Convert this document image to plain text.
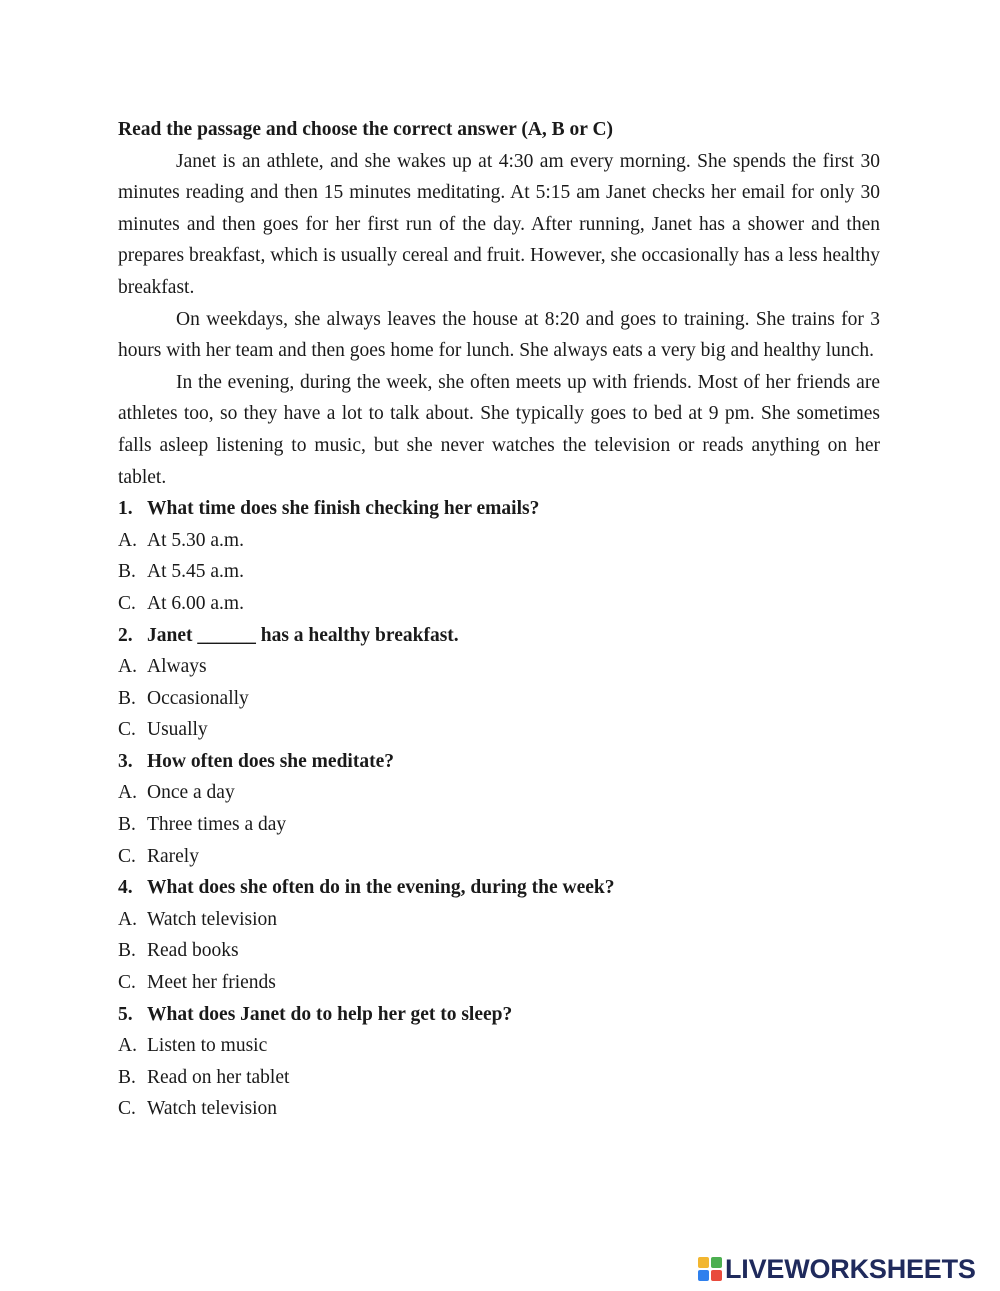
Read the passage and choose the correct answer (A, B or C)

Janet is an athlete, and she wakes up at 4:30 am every morning. She spends the first 30 minutes reading and then 15 minutes meditating. At 5:15 am Janet checks her email for only 30 minutes and then goes for her first run of the day. After running, Janet has a shower and then prepares breakfast, which is usually cereal and fruit. However, she occasionally has a less healthy breakfast.

On weekdays, she always leaves the house at 8:20 and goes to training. She trains for 3 hours with her team and then goes home for lunch. She always eats a very big and healthy lunch.

In the evening, during the week, she often meets up with friends. Most of her friends are athletes too, so they have a lot to talk about. She typically goes to bed at 9 pm. She sometimes falls asleep listening to music, but she never watches the television or reads anything on her tablet.

1. What time does she finish checking her emails?

A. At 5.30 a.m.

B. At 5.45 a.m.

C. At 6.00 a.m.

2. Janet ______ has a healthy breakfast.

A. Always

B. Occasionally

C. Usually

3. How often does she meditate?

A. Once a day

B. Three times a day

C. Rarely

4. What does she often do in the evening, during the week?

A. Watch television

B. Read books

C. Meet her friends

5. What does Janet do to help her get to sleep?

A. Listen to music

B. Read on her tablet

C. Watch television

LIVEWORKSHEETS
